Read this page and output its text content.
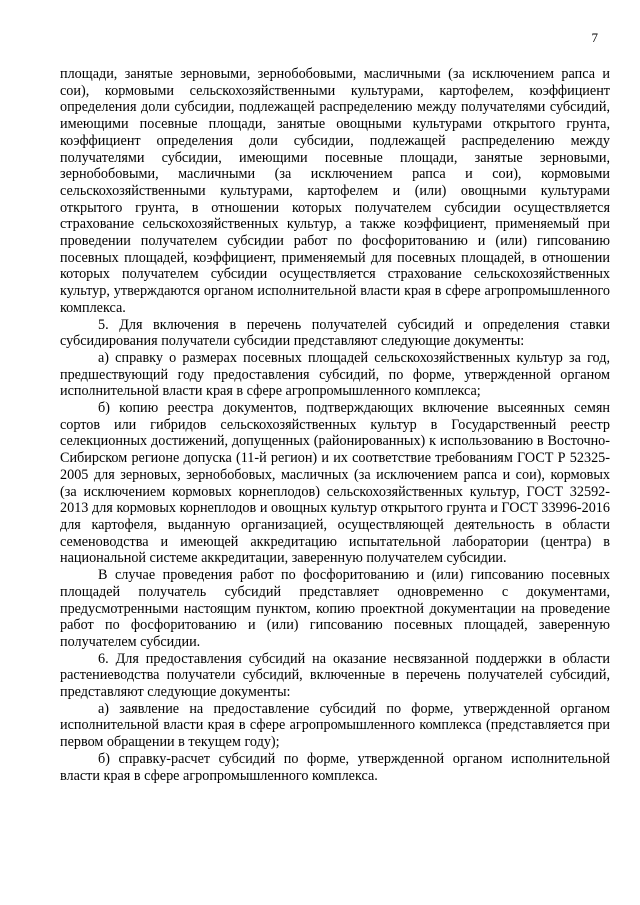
7

площади, занятые зерновыми, зернобобовыми, масличными (за исключением рапса и сои), кормовыми сельскохозяйственными культурами, картофелем, коэффициент определения доли субсидии, подлежащей распределению между получателями субсидий, имеющими посевные площади, занятые овощными культурами открытого грунта, коэффициент определения доли субсидии, подлежащей распределению между получателями субсидии, имеющими посевные площади, занятые зерновыми, зернобобовыми, масличными (за исключением рапса и сои), кормовыми сельскохозяйственными культурами, картофелем и (или) овощными культурами открытого грунта, в отношении которых получателем субсидии осуществляется страхование сельскохозяйственных культур, а также коэффициент, применяемый при проведении получателем субсидии работ по фосфоритованию и (или) гипсованию посевных площадей, коэффициент, применяемый для посевных площадей, в отношении которых получателем субсидии осуществляется страхование сельскохозяйственных культур, утверждаются органом исполнительной власти края в сфере агропромышленного комплекса.

5. Для включения в перечень получателей субсидий и определения ставки субсидирования получатели субсидии представляют следующие документы:

а) справку о размерах посевных площадей сельскохозяйственных культур за год, предшествующий году предоставления субсидий, по форме, утвержденной органом исполнительной власти края в сфере агропромышленного комплекса;

б) копию реестра документов, подтверждающих включение высеянных семян сортов или гибридов сельскохозяйственных культур в Государственный реестр селекционных достижений, допущенных (районированных) к использованию в Восточно-Сибирском регионе допуска (11-й регион) и их соответствие требованиям ГОСТ Р 52325-2005 для зерновых, зернобобовых, масличных (за исключением рапса и сои), кормовых (за исключением кормовых корнеплодов) сельскохозяйственных культур, ГОСТ 32592-2013 для кормовых корнеплодов и овощных культур открытого грунта и ГОСТ 33996-2016 для картофеля, выданную организацией, осуществляющей деятельность в области семеноводства и имеющей аккредитацию испытательной лаборатории (центра) в национальной системе аккредитации, заверенную получателем субсидии.

В случае проведения работ по фосфоритованию и (или) гипсованию посевных площадей получатель субсидий представляет одновременно с документами, предусмотренными настоящим пунктом, копию проектной документации на проведение работ по фосфоритованию и (или) гипсованию посевных площадей, заверенную получателем субсидии.

6. Для предоставления субсидий на оказание несвязанной поддержки в области растениеводства получатели субсидий, включенные в перечень получателей субсидий, представляют следующие документы:

а) заявление на предоставление субсидий по форме, утвержденной органом исполнительной власти края в сфере агропромышленного комплекса (представляется при первом обращении в текущем году);

б) справку-расчет субсидий по форме, утвержденной органом исполнительной власти края в сфере агропромышленного комплекса.
